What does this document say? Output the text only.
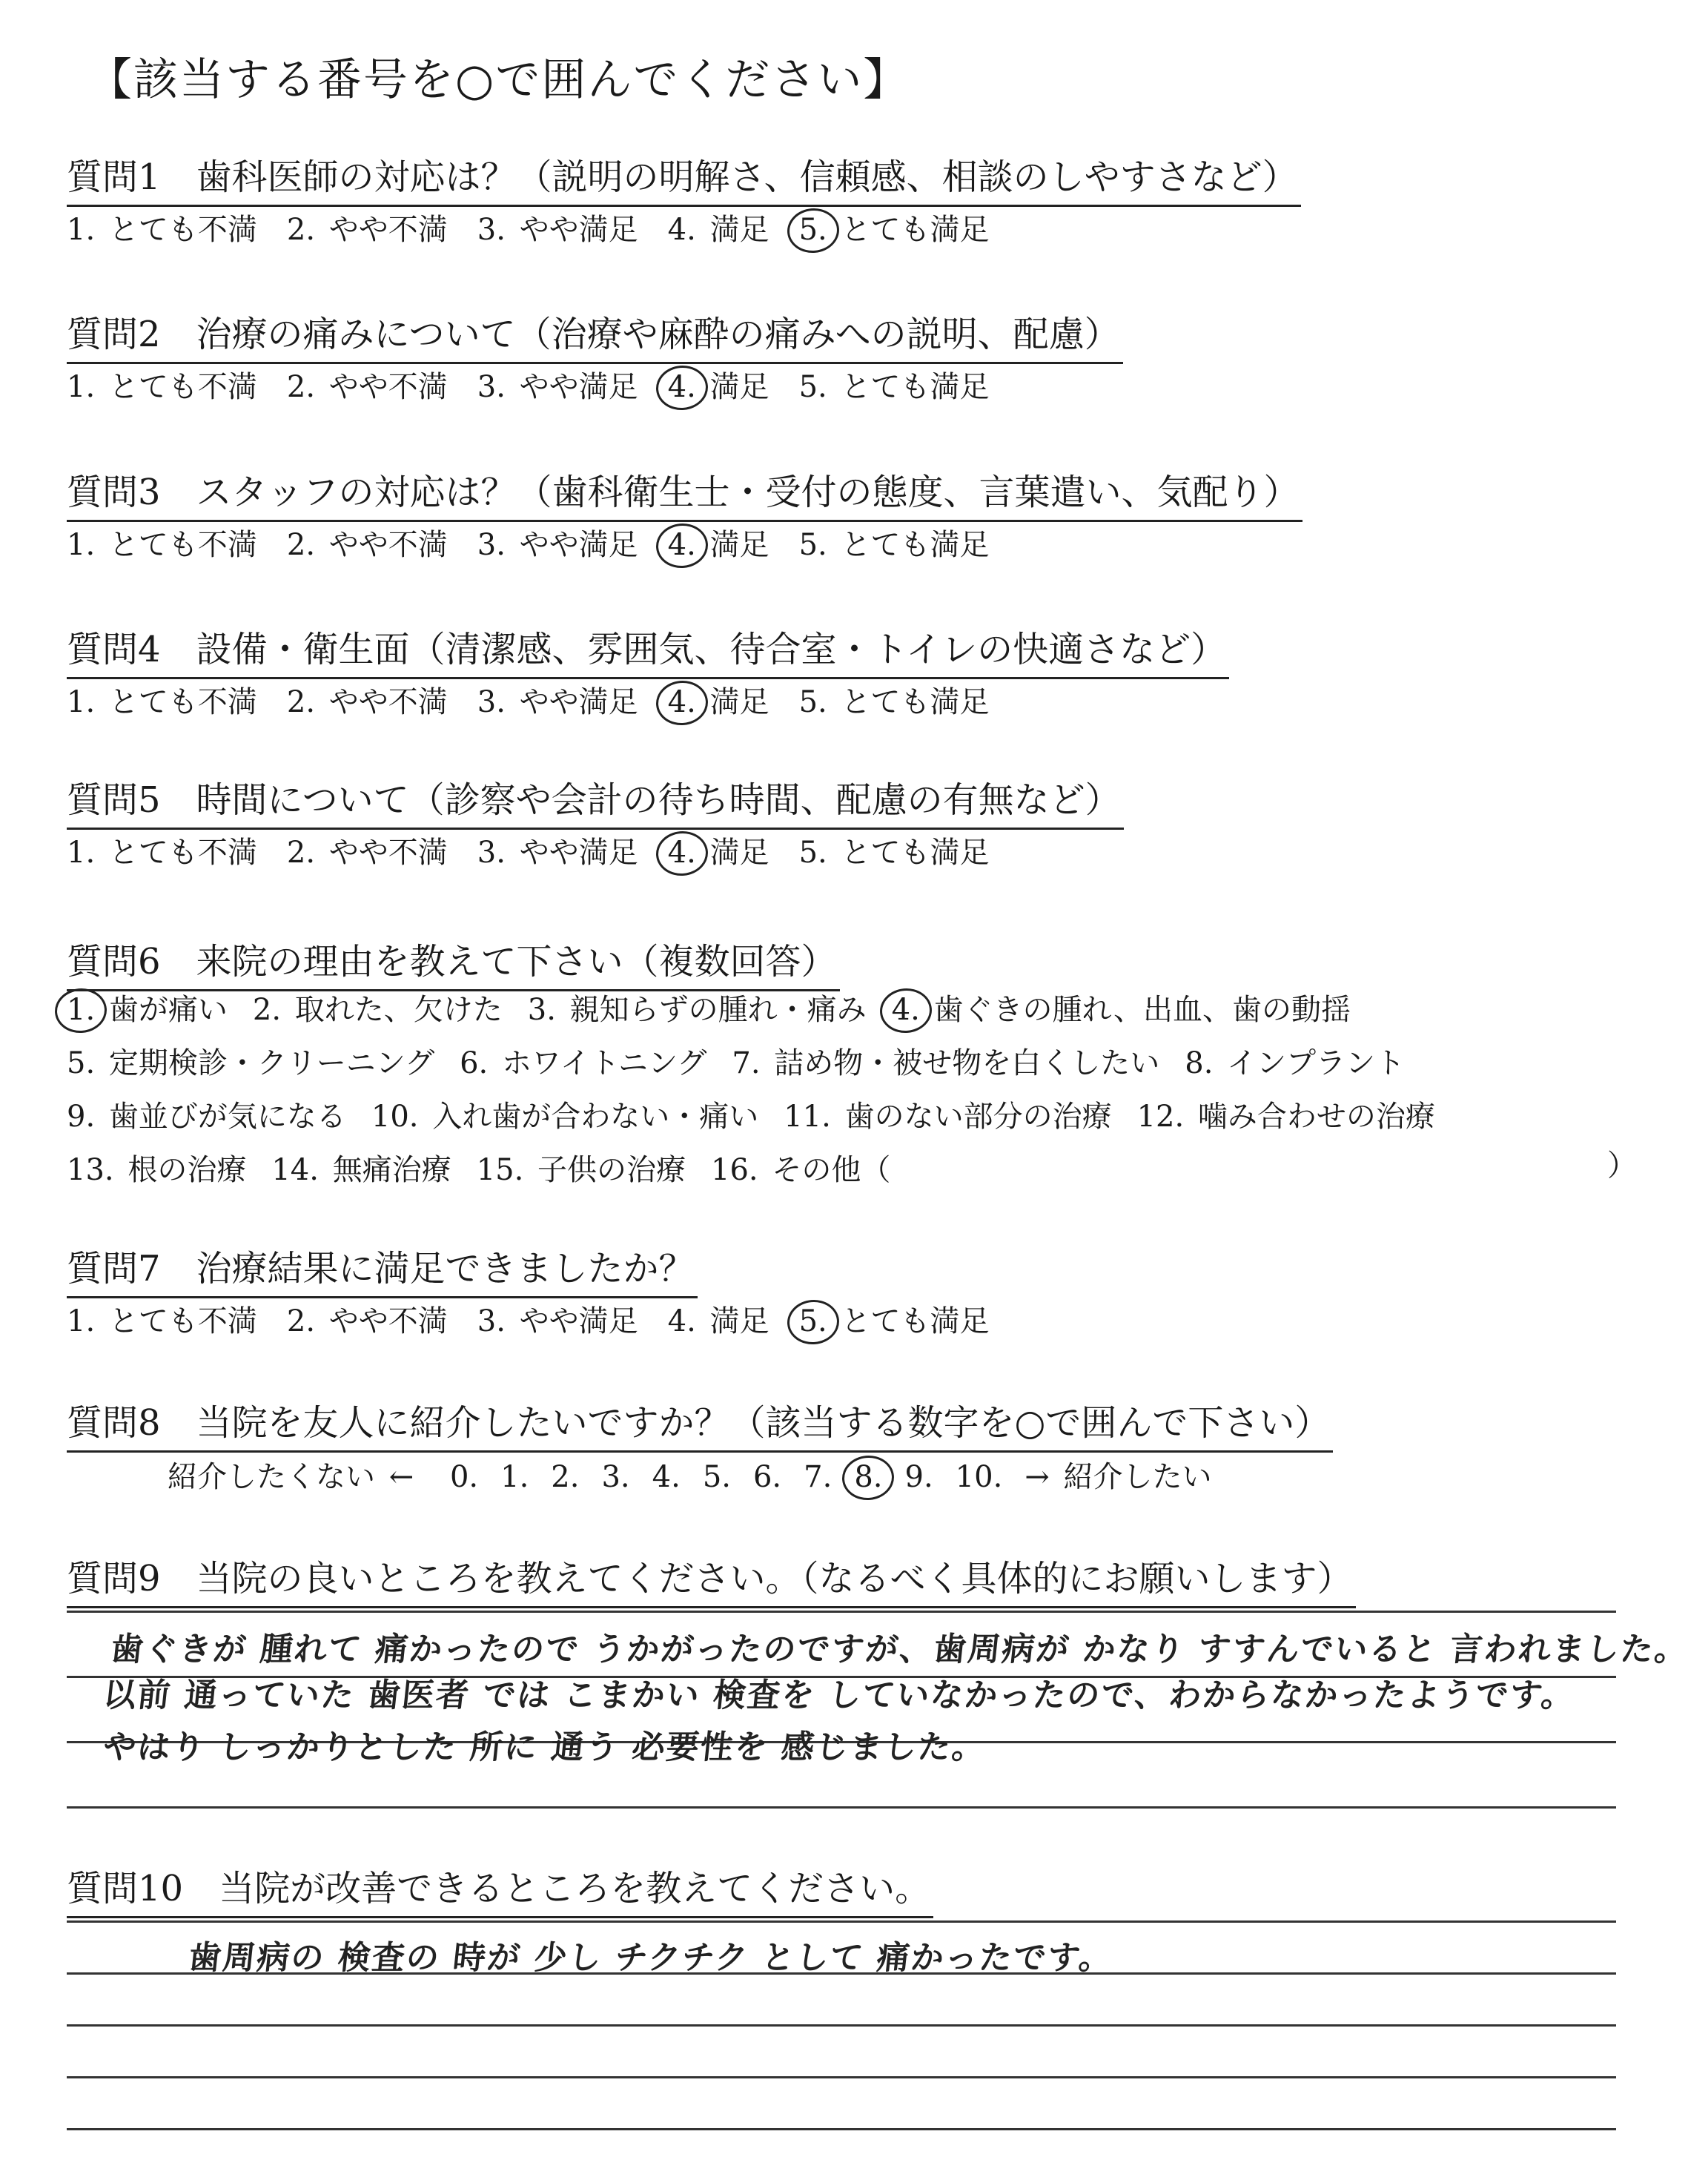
【該当する番号を○で囲んでください】
質問1　歯科医師の対応は？（説明の明解さ、信頼感、相談のしやすさなど）
1. とても不満 2. やや不満 3. やや満足 4. 満足 5. とても満足
質問2　治療の痛みについて（治療や麻酔の痛みへの説明、配慮）
1. とても不満 2. やや不満 3. やや満足 4. 満足 5. とても満足
質問3　スタッフの対応は？（歯科衛生士・受付の態度、言葉遣い、気配り）
1. とても不満 2. やや不満 3. やや満足 4. 満足 5. とても満足
質問4　設備・衛生面（清潔感、雰囲気、待合室・トイレの快適さなど）
1. とても不満 2. やや不満 3. やや満足 4. 満足 5. とても満足
質問5　時間について（診察や会計の待ち時間、配慮の有無など）
1. とても不満 2. やや不満 3. やや満足 4. 満足 5. とても満足
質問6　来院の理由を教えて下さい（複数回答）
1. 歯が痛い 2. 取れた、欠けた 3. 親知らずの腫れ・痛み 4. 歯ぐきの腫れ、出血、歯の動揺
5. 定期検診・クリーニング 6. ホワイトニング 7. 詰め物・被せ物を白くしたい 8. インプラント
9. 歯並びが気になる 10. 入れ歯が合わない・痛い 11. 歯のない部分の治療 12. 噛み合わせの治療
13. 根の治療 14. 無痛治療 15. 子供の治療 16. その他（	）
質問7　治療結果に満足できましたか？
1. とても不満 2. やや不満 3. やや満足 4. 満足 5. とても満足
質問8　当院を友人に紹介したいですか？（該当する数字を○で囲んで下さい）
紹介したくない ← 0. 1. 2. 3. 4. 5. 6. 7. 8. 9. 10. → 紹介したい
質問9　当院の良いところを教えてください。（なるべく具体的にお願いします）
歯ぐきが 腫れて 痛かったので うかがったのですが、歯周病が かなり すすんでいると 言われました。
以前 通っていた 歯医者 では こまかい 検査を していなかったので、わからなかったようです。
やはり しっかりとした 所に 通う 必要性を 感じました。
質問10　当院が改善できるところを教えてください。
歯周病の 検査の 時が 少し チクチク として 痛かったです。
